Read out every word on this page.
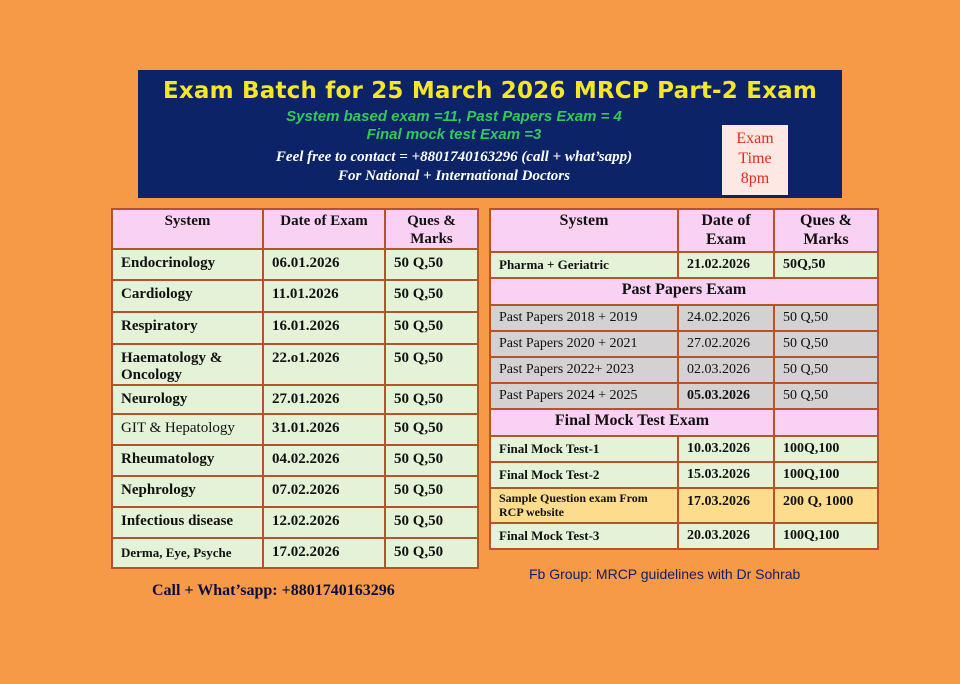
Exam Batch for 25 March 2026 MRCP Part-2 Exam
System based exam =11, Past Papers Exam = 4
Final mock test Exam =3
Feel free to contact = +8801740163296 (call + what’sapp)
For National + International Doctors
Exam
Time
8pm
System	Date of Exam	Ques & Marks
Endocrinology	06.01.2026	50 Q,50
Cardiology	11.01.2026	50 Q,50
Respiratory	16.01.2026	50 Q,50
Haematology & Oncology	22.o1.2026	50 Q,50
Neurology	27.01.2026	50 Q,50
GIT & Hepatology	31.01.2026	50 Q,50
Rheumatology	04.02.2026	50 Q,50
Nephrology	07.02.2026	50 Q,50
Infectious disease	12.02.2026	50 Q,50
Derma, Eye, Psyche	17.02.2026	50 Q,50
System	Date of Exam	Ques & Marks
Pharma + Geriatric	21.02.2026	50Q,50
Past Papers Exam		
Past Papers 2018 + 2019	24.02.2026	50 Q,50
Past Papers 2020 + 2021	27.02.2026	50 Q,50
Past Papers 2022+ 2023	02.03.2026	50 Q,50
Past Papers 2024 + 2025	05.03.2026	50 Q,50
Final Mock Test Exam		
Final Mock Test-1	10.03.2026	100Q,100
Final Mock Test-2	15.03.2026	100Q,100
Sample Question exam From RCP website	17.03.2026	200 Q, 1000
Final Mock Test-3	20.03.2026	100Q,100
Fb Group: MRCP guidelines with Dr Sohrab
Call + What’sapp: +8801740163296
